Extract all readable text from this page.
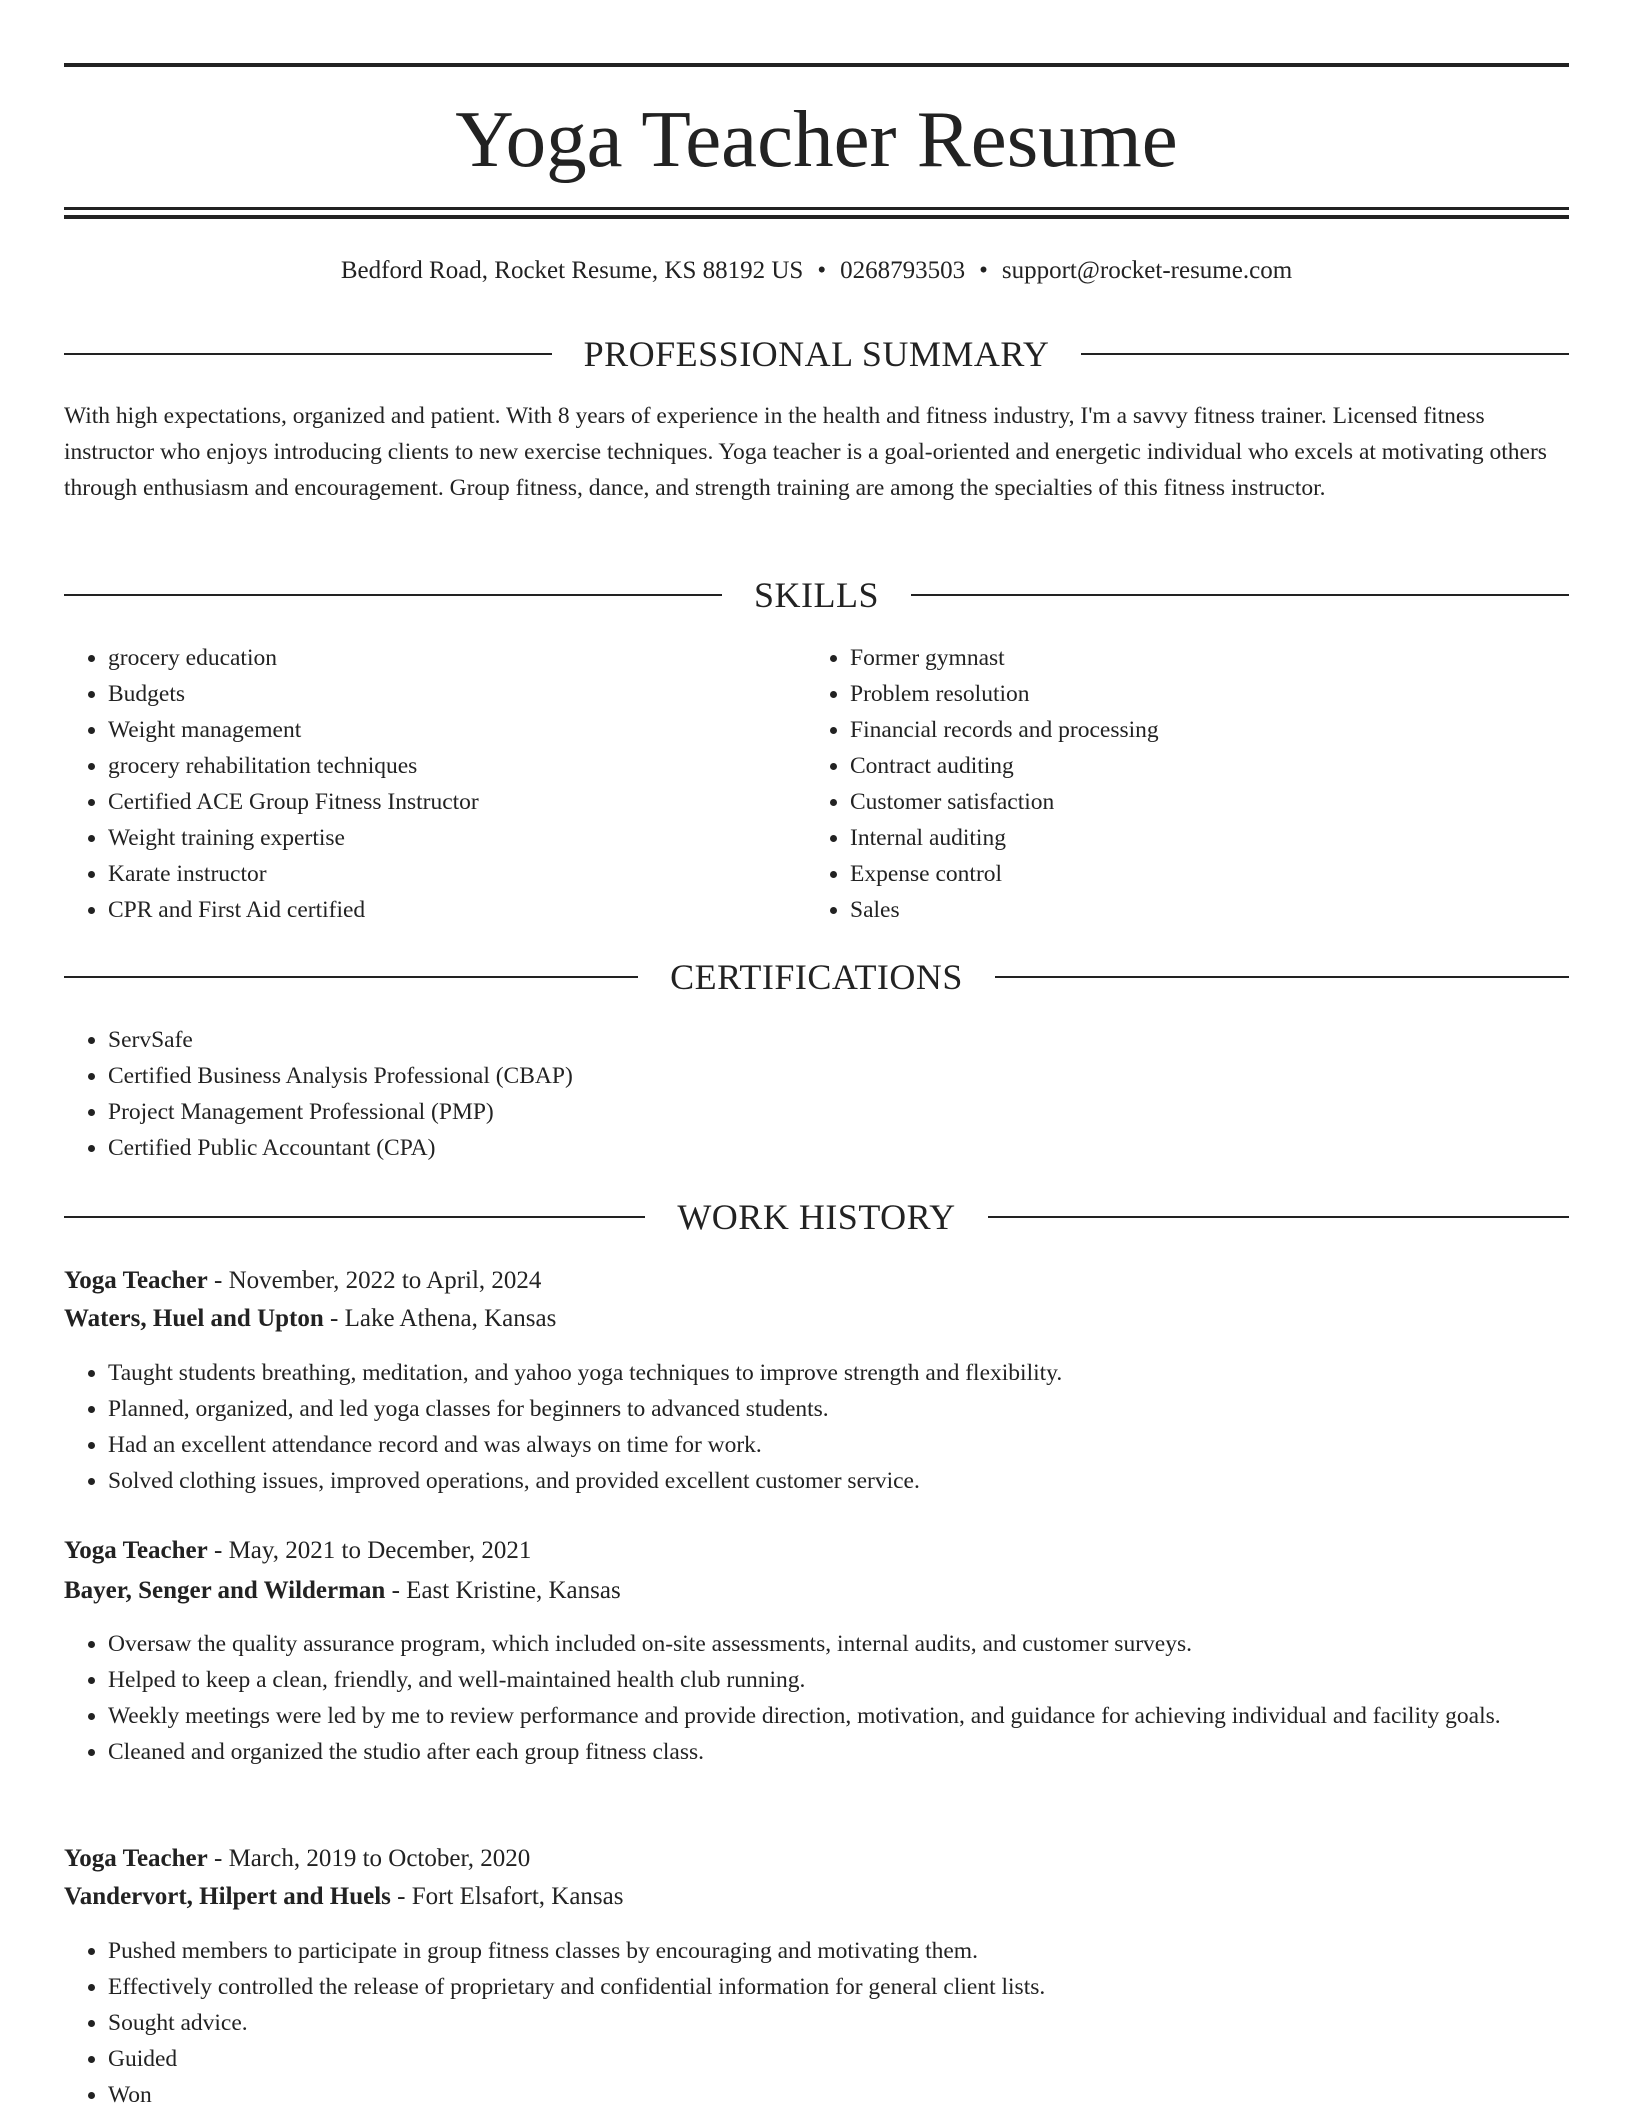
Yoga Teacher Resume
Bedford Road, Rocket Resume, KS 88192 US • 0268793503 • support@rocket-resume.com
PROFESSIONAL SUMMARY

With high expectations, organized and patient. With 8 years of experience in the health and fitness industry, I'm a savvy fitness trainer. Licensed fitness instructor who enjoys introducing clients to new exercise techniques. Yoga teacher is a goal-oriented and energetic individual who excels at motivating others through enthusiasm and encouragement. Group fitness, dance, and strength training are among the specialties of this fitness instructor.

SKILLS
• grocery education
• Budgets
• Weight management
• grocery rehabilitation techniques
• Certified ACE Group Fitness Instructor
• Weight training expertise
• Karate instructor
• CPR and First Aid certified
• Former gymnast
• Problem resolution
• Financial records and processing
• Contract auditing
• Customer satisfaction
• Internal auditing
• Expense control
• Sales
CERTIFICATIONS
• ServSafe
• Certified Business Analysis Professional (CBAP)
• Project Management Professional (PMP)
• Certified Public Accountant (CPA)
WORK HISTORY
Yoga Teacher - November, 2022 to April, 2024
Waters, Huel and Upton - Lake Athena, Kansas
• Taught students breathing, meditation, and yahoo yoga techniques to improve strength and flexibility.
• Planned, organized, and led yoga classes for beginners to advanced students.
• Had an excellent attendance record and was always on time for work.
• Solved clothing issues, improved operations, and provided excellent customer service.
Yoga Teacher - May, 2021 to December, 2021
Bayer, Senger and Wilderman - East Kristine, Kansas
• Oversaw the quality assurance program, which included on-site assessments, internal audits, and customer surveys.
• Helped to keep a clean, friendly, and well-maintained health club running.
• Weekly meetings were led by me to review performance and provide direction, motivation, and guidance for achieving individual and facility goals.
• Cleaned and organized the studio after each group fitness class.
Yoga Teacher - March, 2019 to October, 2020
Vandervort, Hilpert and Huels - Fort Elsafort, Kansas
• Pushed members to participate in group fitness classes by encouraging and motivating them.
• Effectively controlled the release of proprietary and confidential information for general client lists.
• Sought advice.
• Guided
• Won
